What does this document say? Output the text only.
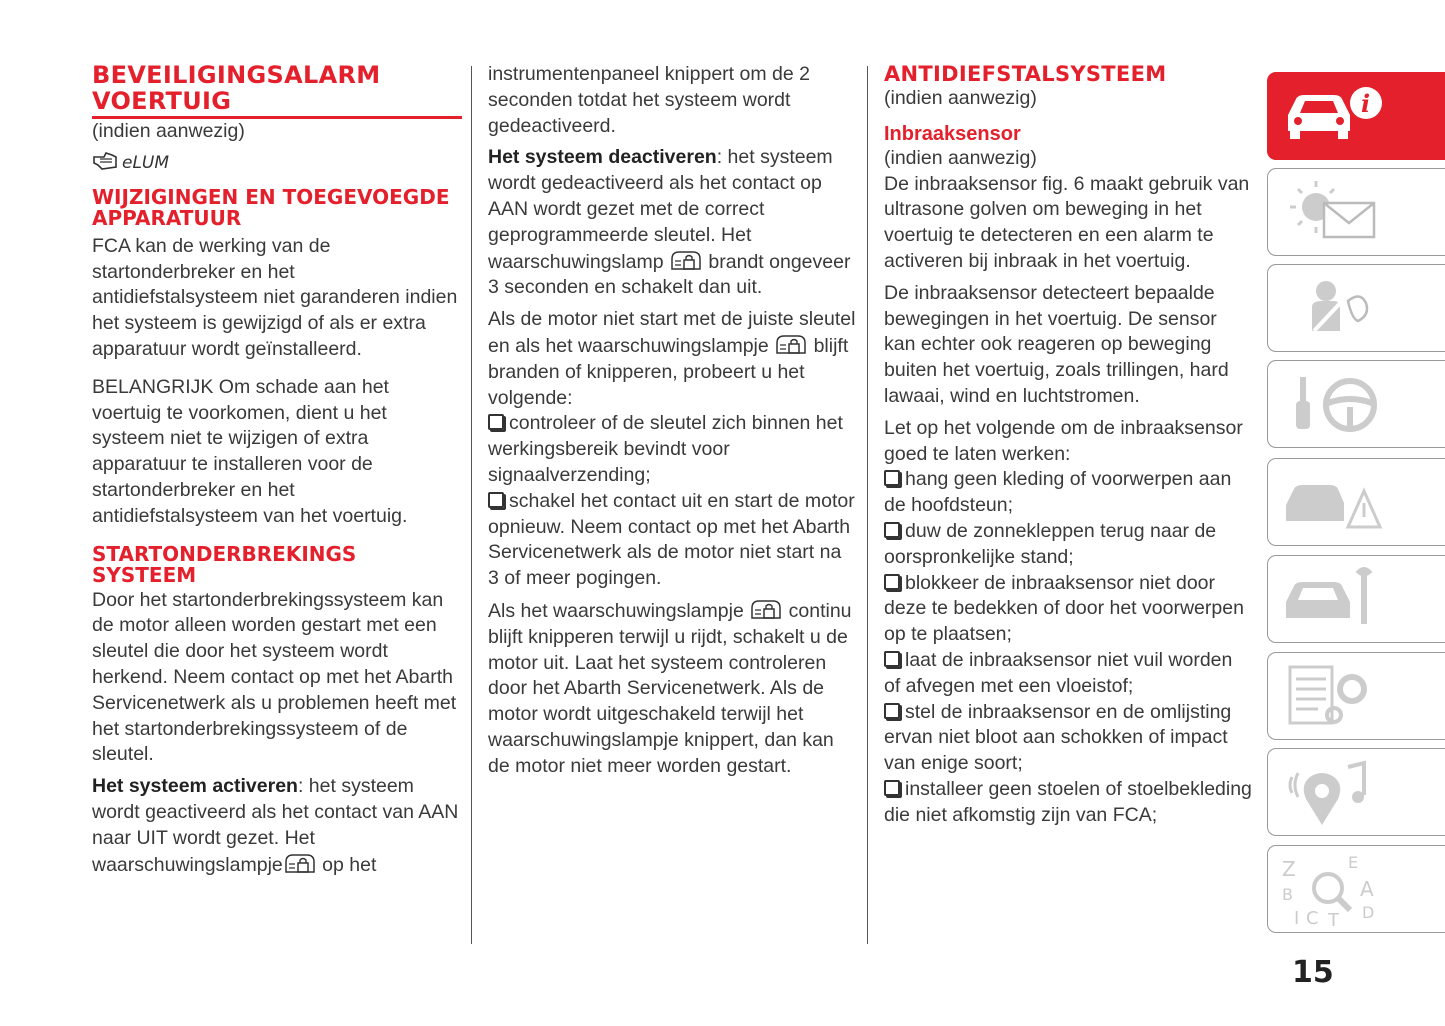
BEVEILIGINGSALARM VOERTUIG

(indien aanwezig)

eLUM
WIJZIGINGEN EN TOEGEVOEGDE APPARATUUR

FCA kan de werking van de startonderbreker en het antidiefstalsysteem niet garanderen indien het systeem is gewijzigd of als er extra apparatuur wordt geïnstalleerd.

BELANGRIJK Om schade aan het voertuig te voorkomen, dient u het systeem niet te wijzigen of extra apparatuur te installeren voor de startonderbreker en het antidiefstalsysteem van het voertuig.

STARTONDERBREKINGS SYSTEEM

Door het startonderbrekingssysteem kan de motor alleen worden gestart met een sleutel die door het systeem wordt herkend. Neem contact op met het Abarth Servicenetwerk als u problemen heeft met het startonderbrekingssysteem of de sleutel.

Het systeem activeren: het systeem wordt geactiveerd als het contact van AAN naar UIT wordt gezet. Het waarschuwingslampje op het

instrumentenpaneel knippert om de 2 seconden totdat het systeem wordt gedeactiveerd.

Het systeem deactiveren: het systeem wordt gedeactiveerd als het contact op AAN wordt gezet met de correct geprogrammeerde sleutel. Het waarschuwingslamp  brandt ongeveer 3 seconden en schakelt dan uit.

Als de motor niet start met de juiste sleutel en als het waarschuwingslampje  blijft branden of knipperen, probeert u het volgende:

controleer of de sleutel zich binnen het werkingsbereik bevindt voor signaalverzending;
schakel het contact uit en start de motor opnieuw. Neem contact op met het Abarth Servicenetwerk als de motor niet start na 3 of meer pogingen.

Als het waarschuwingslampje  continu blijft knipperen terwijl u rijdt, schakelt u de motor uit. Laat het systeem controleren door het Abarth Servicenetwerk. Als de motor wordt uitgeschakeld terwijl het waarschuwingslampje knippert, dan kan de motor niet meer worden gestart.

ANTIDIEFSTALSYSTEEM

(indien aanwezig)

Inbraaksensor

(indien aanwezig)

De inbraaksensor fig. 6 maakt gebruik van ultrasone golven om beweging in het voertuig te detecteren en een alarm te activeren bij inbraak in het voertuig.

De inbraaksensor detecteert bepaalde bewegingen in het voertuig. De sensor kan echter ook reageren op beweging buiten het voertuig, zoals trillingen, hard lawaai, wind en luchtstromen.

Let op het volgende om de inbraaksensor goed te laten werken:

hang geen kleding of voorwerpen aan de hoofdsteun;
duw de zonnekleppen terug naar de oorspronkelijke stand;
blokkeer de inbraaksensor niet door deze te bedekken of door het voorwerpen op te plaatsen;
laat de inbraaksensor niet vuil worden of afvegen met een vloeistof;
stel de inbraaksensor en de omlijsting ervan niet bloot aan schokken of impact van enige soort;
installeer geen stoelen of stoelbekleding die niet afkomstig zijn van FCA;
i
Z	E
B	A
C
I T D
15
